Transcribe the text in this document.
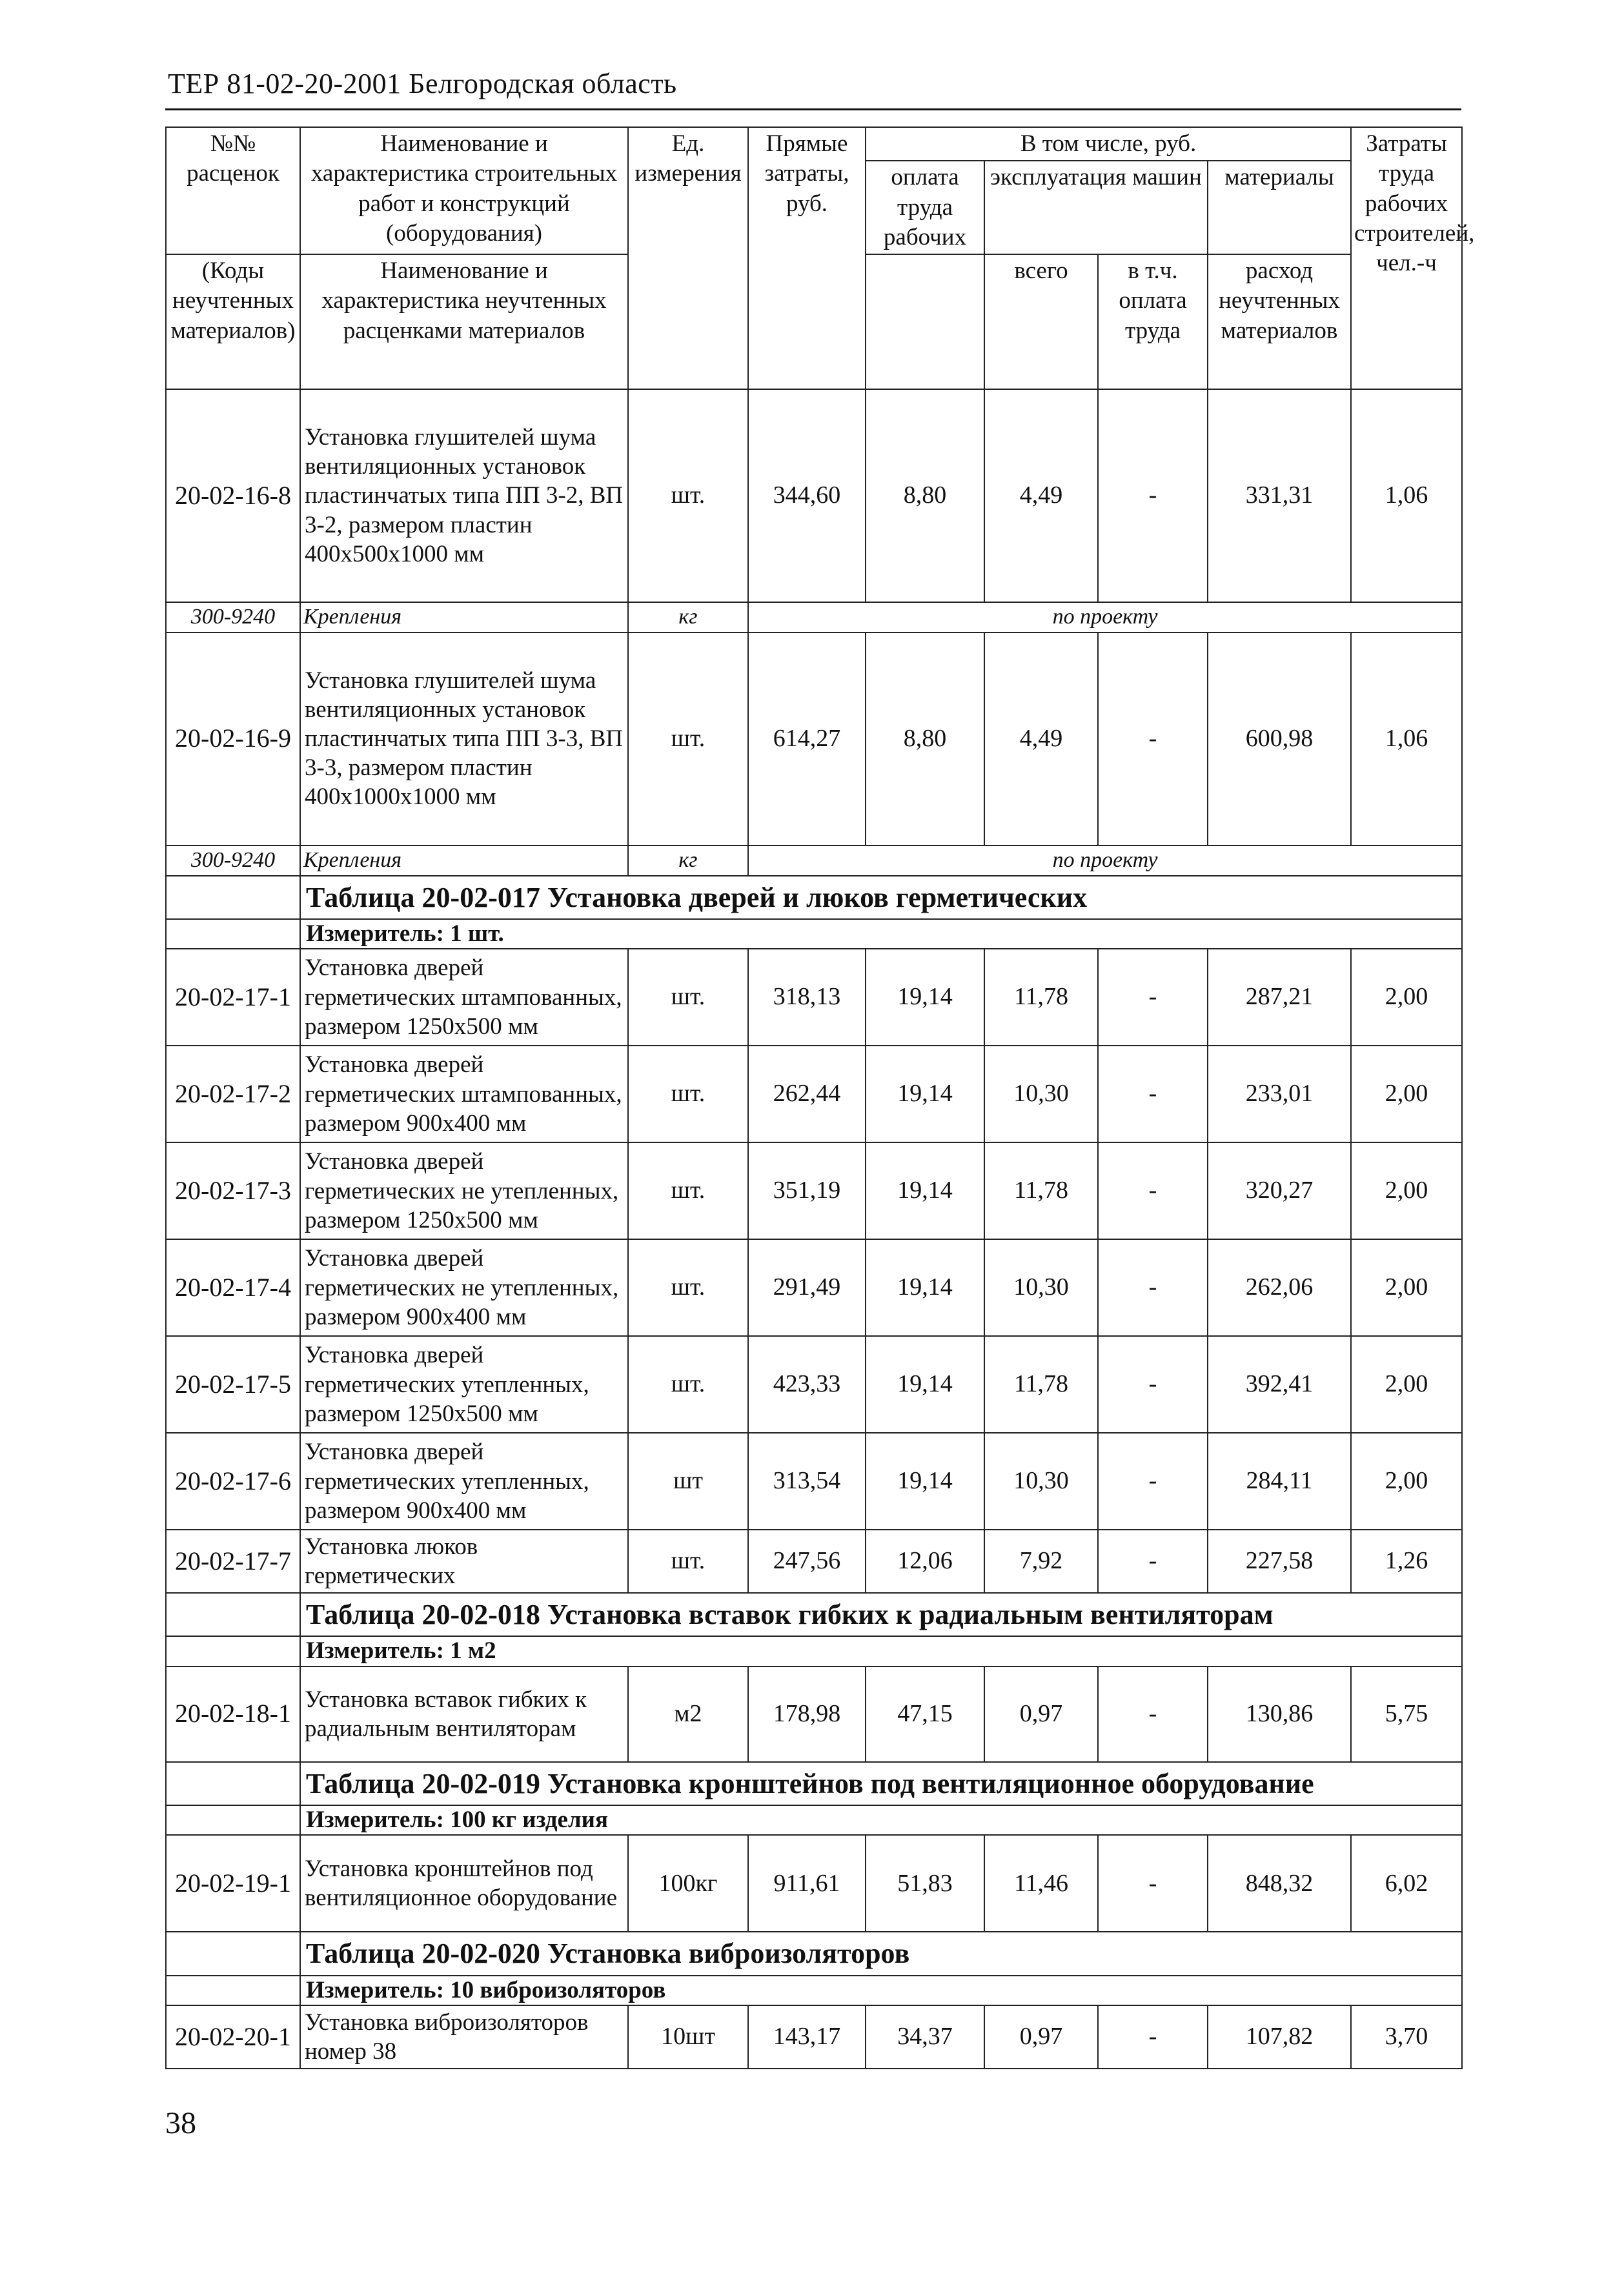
ТЕР 81-02-20-2001 Белгородская область
№№ расценок	Наименование и характеристика строительных работ и конструкций (оборудования)	Ед. измерения	Прямые затраты, руб.	В том числе, руб.				Затраты труда рабочих строителей, чел.-ч
				оплата труда рабочих	эксплуатация машин		материалы	

(Коды неучтенных материалов)	Наименование и характеристика неучтенных расценками материалов				всего	в т.ч. оплата труда	расход неучтенных материалов	

20-02-16-8	Установка глушителей шума вентиляционных установок пластинчатых типа ПП 3-2, ВП 3-2, размером пластин 400х500х1000 мм	шт.	344,60	8,80	4,49	-	331,31	1,06
300-9240	Крепления	кг	по проекту					
20-02-16-9	Установка глушителей шума вентиляционных установок пластинчатых типа ПП 3-3, ВП 3-3, размером пластин 400х1000х1000 мм	шт.	614,27	8,80	4,49	-	600,98	1,06
300-9240	Крепления	кг	по проекту					
	Таблица 20-02-017 Установка дверей и люков герметических							
	Измеритель: 1 шт.							
20-02-17-1	Установка дверей герметических штампованных, размером 1250х500 мм	шт.	318,13	19,14	11,78	-	287,21	2,00
20-02-17-2	Установка дверей герметических штампованных, размером 900х400 мм	шт.	262,44	19,14	10,30	-	233,01	2,00
20-02-17-3	Установка дверей герметических не утепленных, размером 1250х500 мм	шт.	351,19	19,14	11,78	-	320,27	2,00
20-02-17-4	Установка дверей герметических не утепленных, размером 900х400 мм	шт.	291,49	19,14	10,30	-	262,06	2,00
20-02-17-5	Установка дверей герметических утепленных, размером 1250х500 мм	шт.	423,33	19,14	11,78	-	392,41	2,00
20-02-17-6	Установка дверей герметических утепленных, размером 900х400 мм	шт	313,54	19,14	10,30	-	284,11	2,00
20-02-17-7	Установка люков герметических	шт.	247,56	12,06	7,92	-	227,58	1,26
	Таблица 20-02-018 Установка вставок гибких к радиальным вентиляторам							
	Измеритель: 1 м2							
20-02-18-1	Установка вставок гибких к радиальным вентиляторам	м2	178,98	47,15	0,97	-	130,86	5,75
	Таблица 20-02-019 Установка кронштейнов под вентиляционное оборудование							
	Измеритель: 100 кг изделия							
20-02-19-1	Установка кронштейнов под вентиляционное оборудование	100кг	911,61	51,83	11,46	-	848,32	6,02
	Таблица 20-02-020 Установка виброизоляторов							
	Измеритель: 10 виброизоляторов							
20-02-20-1	Установка виброизоляторов номер 38	10шт	143,17	34,37	0,97	-	107,82	3,70
38
